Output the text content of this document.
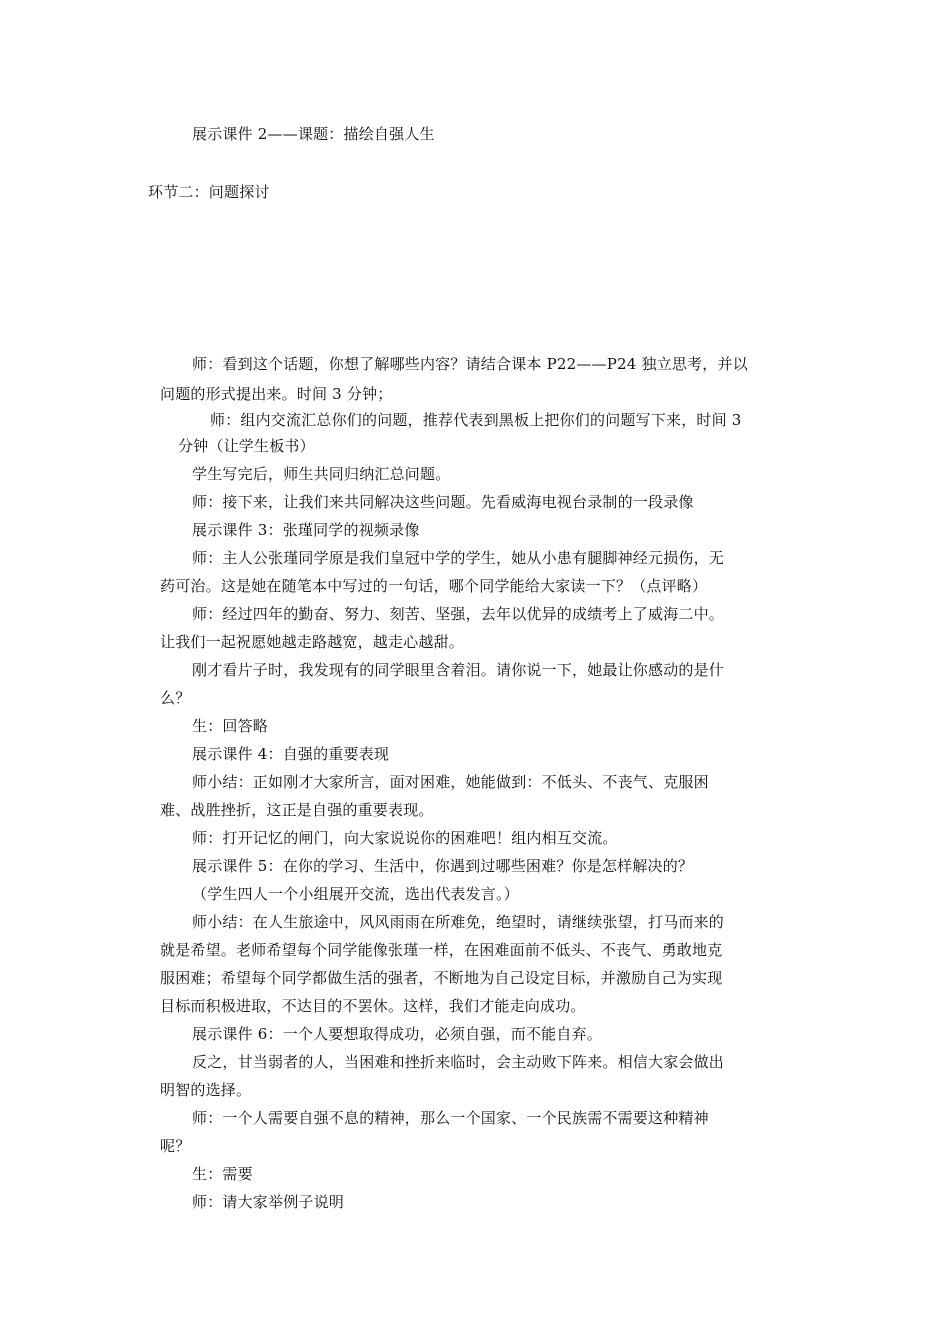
展示课件 2——课题：描绘自强人生
环节二：问题探讨
师：看到这个话题，你想了解哪些内容？请结合课本 P22——P24 独立思考，并以
问题的形式提出来。时间 3 分钟；
师：组内交流汇总你们的问题，推荐代表到黑板上把你们的问题写下来，时间 3
分钟（让学生板书）
学生写完后，师生共同归纳汇总问题。
师：接下来，让我们来共同解决这些问题。先看威海电视台录制的一段录像
展示课件 3：张瑾同学的视频录像
师：主人公张瑾同学原是我们皇冠中学的学生，她从小患有腿脚神经元损伤，无
药可治。这是她在随笔本中写过的一句话，哪个同学能给大家读一下？（点评略）
师：经过四年的勤奋、努力、刻苦、坚强，去年以优异的成绩考上了威海二中。
让我们一起祝愿她越走路越宽，越走心越甜。
刚才看片子时，我发现有的同学眼里含着泪。请你说一下，她最让你感动的是什
么？
生：回答略
展示课件 4：自强的重要表现
师小结：正如刚才大家所言，面对困难，她能做到：不低头、不丧气、克服困
难、战胜挫折，这正是自强的重要表现。
师：打开记忆的闸门，向大家说说你的困难吧！组内相互交流。
展示课件 5：在你的学习、生活中，你遇到过哪些困难？你是怎样解决的？
（学生四人一个小组展开交流，选出代表发言。）
师小结：在人生旅途中，风风雨雨在所难免，绝望时，请继续张望，打马而来的
就是希望。老师希望每个同学能像张瑾一样，在困难面前不低头、不丧气、勇敢地克
服困难；希望每个同学都做生活的强者，不断地为自己设定目标，并激励自己为实现
目标而积极进取，不达目的不罢休。这样，我们才能走向成功。
展示课件 6：一个人要想取得成功，必须自强，而不能自弃。
反之，甘当弱者的人，当困难和挫折来临时，会主动败下阵来。相信大家会做出
明智的选择。
师：一个人需要自强不息的精神，那么一个国家、一个民族需不需要这种精神
呢？
生：需要
师：请大家举例子说明
